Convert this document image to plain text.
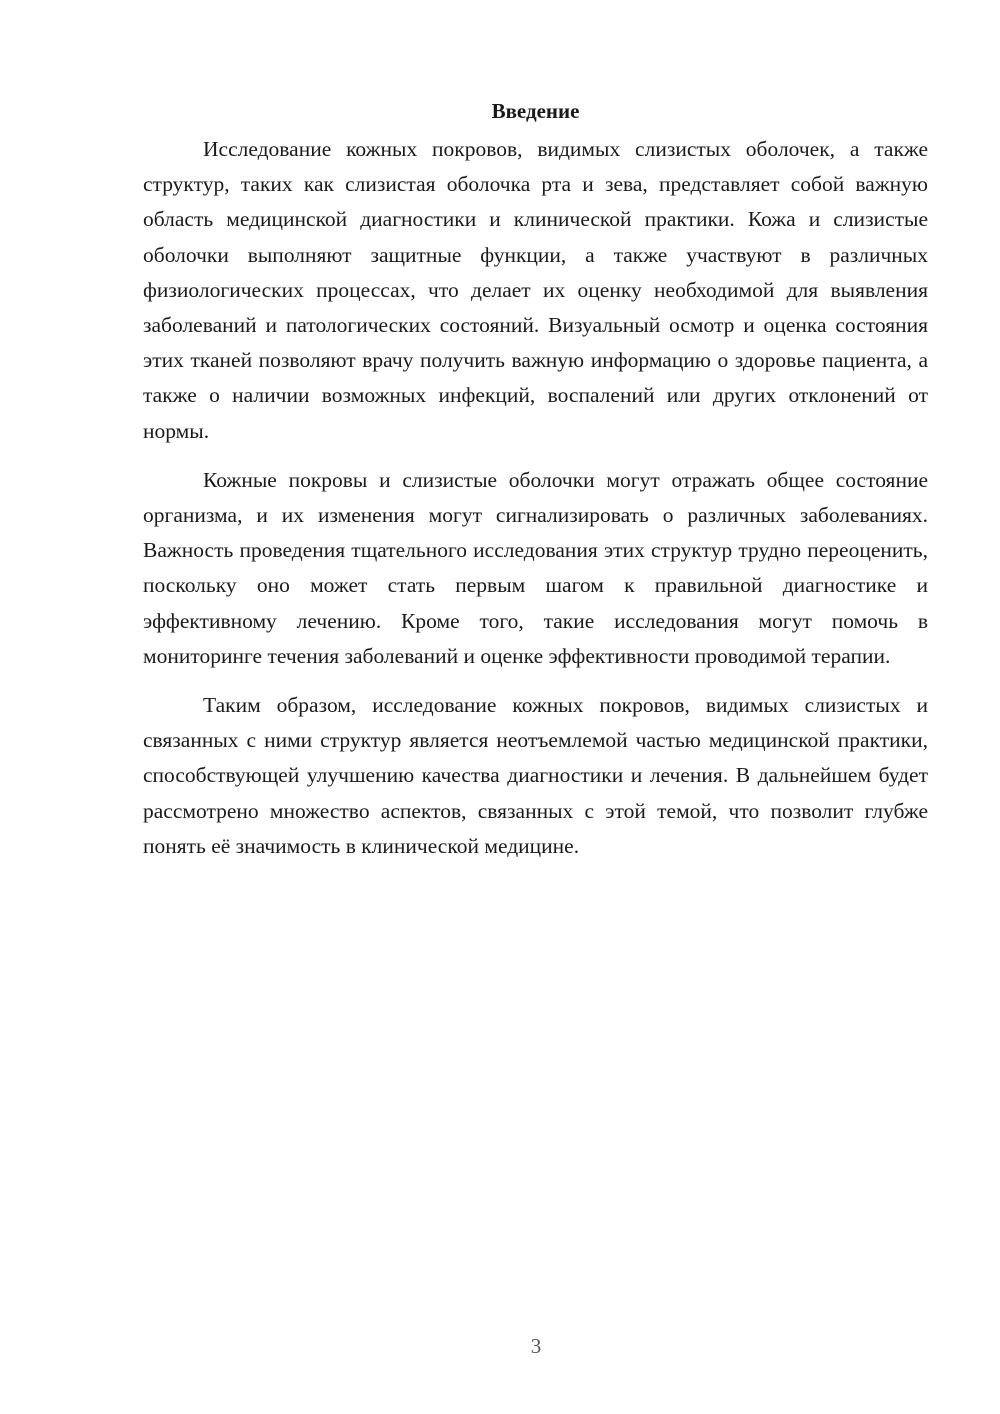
Введение

Исследование кожных покровов, видимых слизистых оболочек, а также структур, таких как слизистая оболочка рта и зева, представляет собой важную область медицинской диагностики и клинической практики. Кожа и слизистые оболочки выполняют защитные функции, а также участвуют в различных физиологических процессах, что делает их оценку необходимой для выявления заболеваний и патологических состояний. Визуальный осмотр и оценка состояния этих тканей позволяют врачу получить важную информацию о здоровье пациента, а также о наличии возможных инфекций, воспалений или других отклонений от нормы.

Кожные покровы и слизистые оболочки могут отражать общее состояние организма, и их изменения могут сигнализировать о различных заболеваниях. Важность проведения тщательного исследования этих структур трудно переоценить, поскольку оно может стать первым шагом к правильной диагностике и эффективному лечению. Кроме того, такие исследования могут помочь в мониторинге течения заболеваний и оценке эффективности проводимой терапии.

Таким образом, исследование кожных покровов, видимых слизистых и связанных с ними структур является неотъемлемой частью медицинской практики, способствующей улучшению качества диагностики и лечения. В дальнейшем будет рассмотрено множество аспектов, связанных с этой темой, что позволит глубже понять её значимость в клинической медицине.

3
